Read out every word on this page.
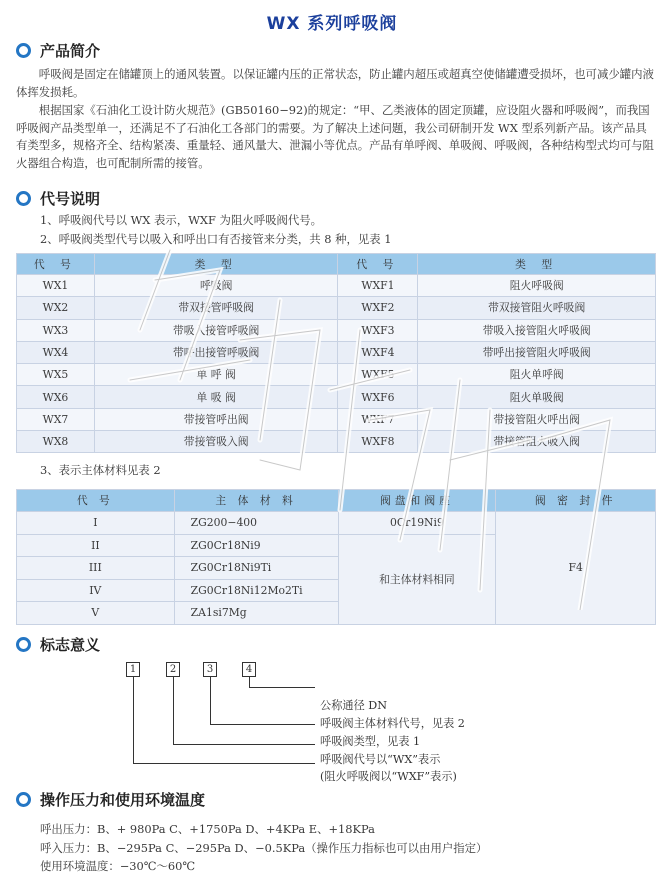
WX 系列呼吸阀
产品简介

呼吸阀是固定在储罐顶上的通风装置。以保证罐内压的正常状态，防止罐内超压或超真空使储罐遭受损坏，也可减少罐内液体挥发损耗。

根据国家《石油化工设计防火规范》(GB50160−92)的规定：“甲、乙类液体的固定顶罐，应设阻火器和呼吸阀”，而我国呼吸阀产品类型单一，还满足不了石油化工各部门的需要。为了解决上述问题，我公司研制开发 WX 型系列新产品。该产品具有类型多，规格齐全、结构紧凑、重量轻、通风量大、泄漏小等优点。产品有单呼阀、单吸阀、呼吸阀，各种结构型式均可与阻火器组合构造，也可配制所需的接管。

代号说明
1、呼吸阀代号以 WX 表示，WXF 为阻火呼吸阀代号。
2、呼吸阀类型代号以吸入和呼出口有否接管来分类，共 8 种，见表 1
代 号	类 型	代 号	类 型
WX1	呼吸阀	WXF1	阻火呼吸阀
WX2	带双接管呼吸阀	WXF2	带双接管阻火呼吸阀
WX3	带吸入接管呼吸阀	WXF3	带吸入接管阻火呼吸阀
WX4	带呼出接管呼吸阀	WXF4	带呼出接管阻火呼吸阀
WX5	单 呼 阀	WXF5	阻火单呼阀
WX6	单 吸 阀	WXF6	阻火单吸阀
WX7	带接管呼出阀	WXF7	带接管阻火呼出阀
WX8	带接管吸入阀	WXF8	带接管阻火吸入阀
3、表示主体材料见表 2
代 号	主 体 材 料	阀盘和阀座	阀 密 封 件
I	ZG200−400	0Cr19Ni9	F4
II	ZG0Cr18Ni9	和主体材料相同	
III	ZG0Cr18Ni9Ti		
IV	ZG0Cr18Ni12Mo2Ti		
V	ZA1si7Mg		
标志意义
1	2	3	4
公称通径 DN
呼吸阀主体材料代号，见表 2
呼吸阀类型，见表 1
呼吸阀代号以“WX”表示
(阻火呼吸阀以“WXF”表示)
操作压力和使用环境温度
呼出压力：B、+ 980Pa C、+1750Pa D、+4KPa E、+18KPa
呼入压力：B、−295Pa C、−295Pa D、−0.5KPa（操作压力指标也可以由用户指定）
使用环境温度：−30℃～60℃
